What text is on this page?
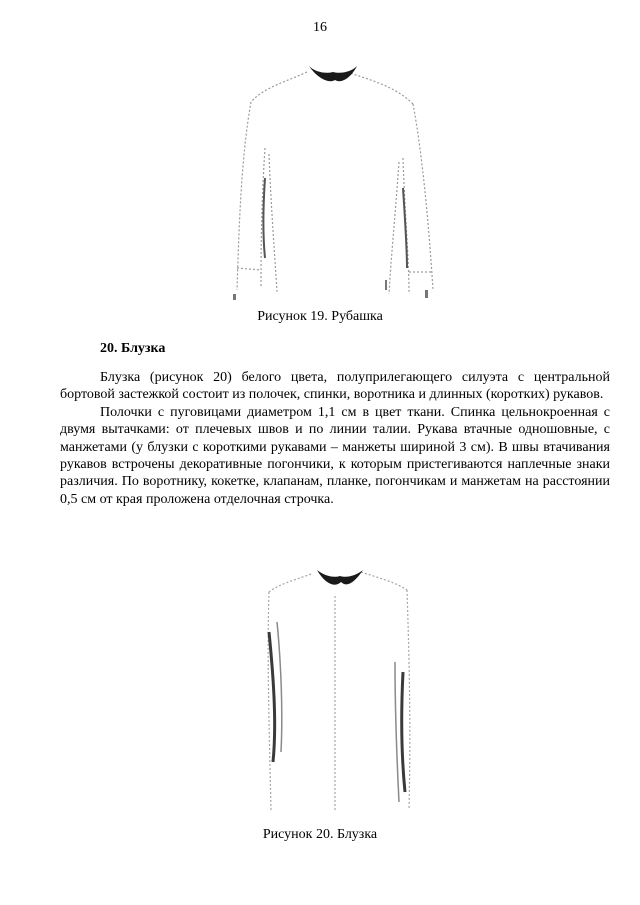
16
Рисунок 19. Рубашка
20. Блузка

Блузка (рисунок 20) белого цвета, полуприлегающего силуэта с центральной бортовой застежкой состоит из полочек, спинки, воротника и длинных (коротких) рукавов.

Полочки с пуговицами диаметром 1,1 см в цвет ткани. Спинка цельнокроенная с двумя вытачками: от плечевых швов и по линии талии. Рукава втачные одношовные, с манжетами (у блузки с короткими рукавами – манжеты шириной 3 см). В швы втачивания рукавов встрочены декоративные погончики, к которым пристегиваются наплечные знаки различия. По воротнику, кокетке, клапанам, планке, погончикам и манжетам на расстоянии 0,5 см от края проложена отделочная строчка.

Рисунок 20. Блузка
